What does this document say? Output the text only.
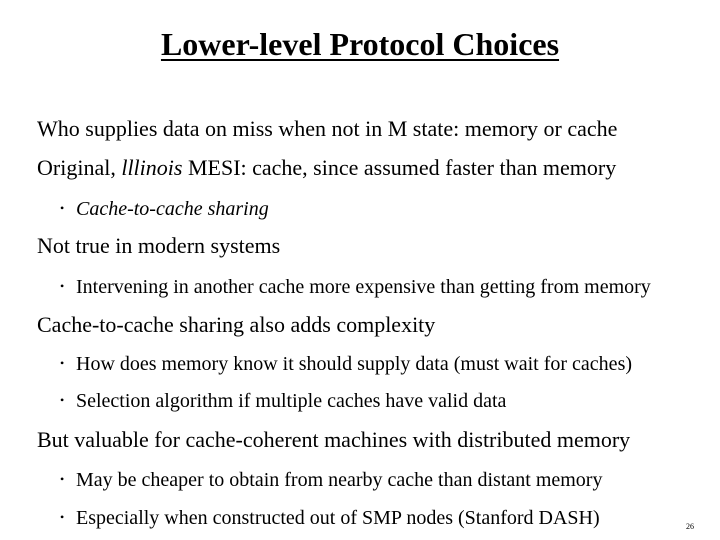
Lower-level Protocol Choices
Who supplies data on miss when not in M state: memory or cache
Original, lllinois MESI: cache, since assumed faster than memory
• Cache-to-cache sharing
Not true in modern systems
• Intervening in another cache more expensive than getting from memory
Cache-to-cache sharing also adds complexity
• How does memory know it should supply data (must wait for caches)
• Selection algorithm if multiple caches have valid data
But valuable for cache-coherent machines with distributed memory
• May be cheaper to obtain from nearby cache than distant memory
• Especially when constructed out of SMP nodes (Stanford DASH)	26
